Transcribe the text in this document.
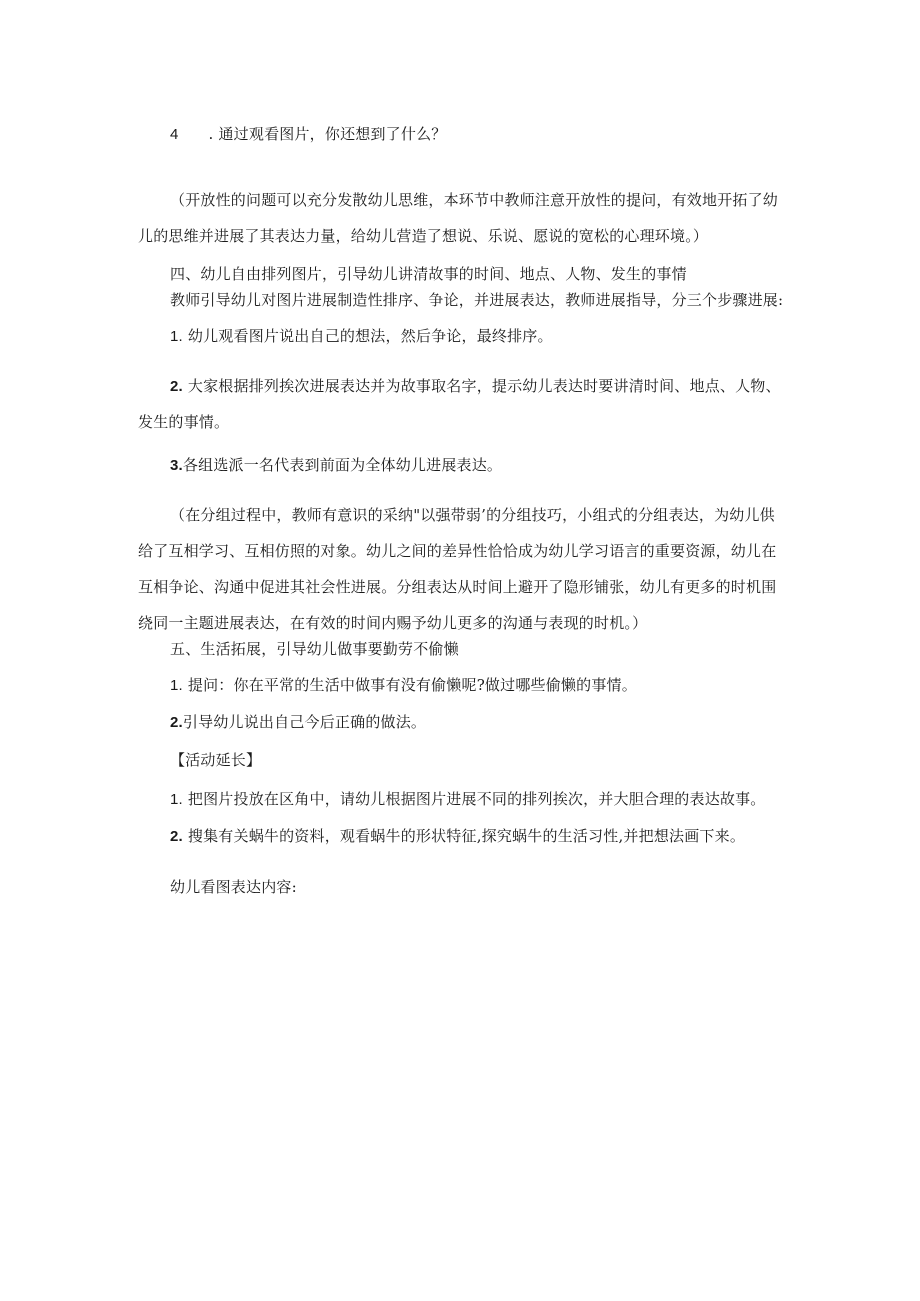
4 . 通过观看图片，你还想到了什么？
（开放性的问题可以充分发散幼儿思维，本环节中教师注意开放性的提问，有效地开拓了幼
儿的思维并进展了其表达力量，给幼儿营造了想说、乐说、愿说的宽松的心理环境。）
四、幼儿自由排列图片，引导幼儿讲清故事的时间、地点、人物、发生的事情
教师引导幼儿对图片进展制造性排序、争论，并进展表达，教师进展指导，分三个步骤进展:
1. 幼儿观看图片说出自己的想法，然后争论，最终排序。
2. 大家根据排列挨次进展表达并为故事取名字，提示幼儿表达时要讲清时间、地点、人物、
发生的事情。
3.各组选派一名代表到前面为全体幼儿进展表达。
（在分组过程中，教师有意识的采纳"以强带弱’的分组技巧，小组式的分组表达，为幼儿供
给了互相学习、互相仿照的对象。幼儿之间的差异性恰恰成为幼儿学习语言的重要资源，幼儿在
互相争论、沟通中促进其社会性进展。分组表达从时间上避开了隐形铺张，幼儿有更多的时机围
绕同一主题进展表达，在有效的时间内赐予幼儿更多的沟通与表现的时机。）
五、生活拓展，引导幼儿做事要勤劳不偷懒
1. 提问：你在平常的生活中做事有没有偷懒呢?做过哪些偷懒的事情。
2.引导幼儿说出自己今后正确的做法。
【活动延长】
1. 把图片投放在区角中，请幼儿根据图片进展不同的排列挨次，并大胆合理的表达故事。
2. 搜集有关蜗牛的资料，观看蜗牛的形状特征,探究蜗牛的生活习性,并把想法画下来。
幼儿看图表达内容:
